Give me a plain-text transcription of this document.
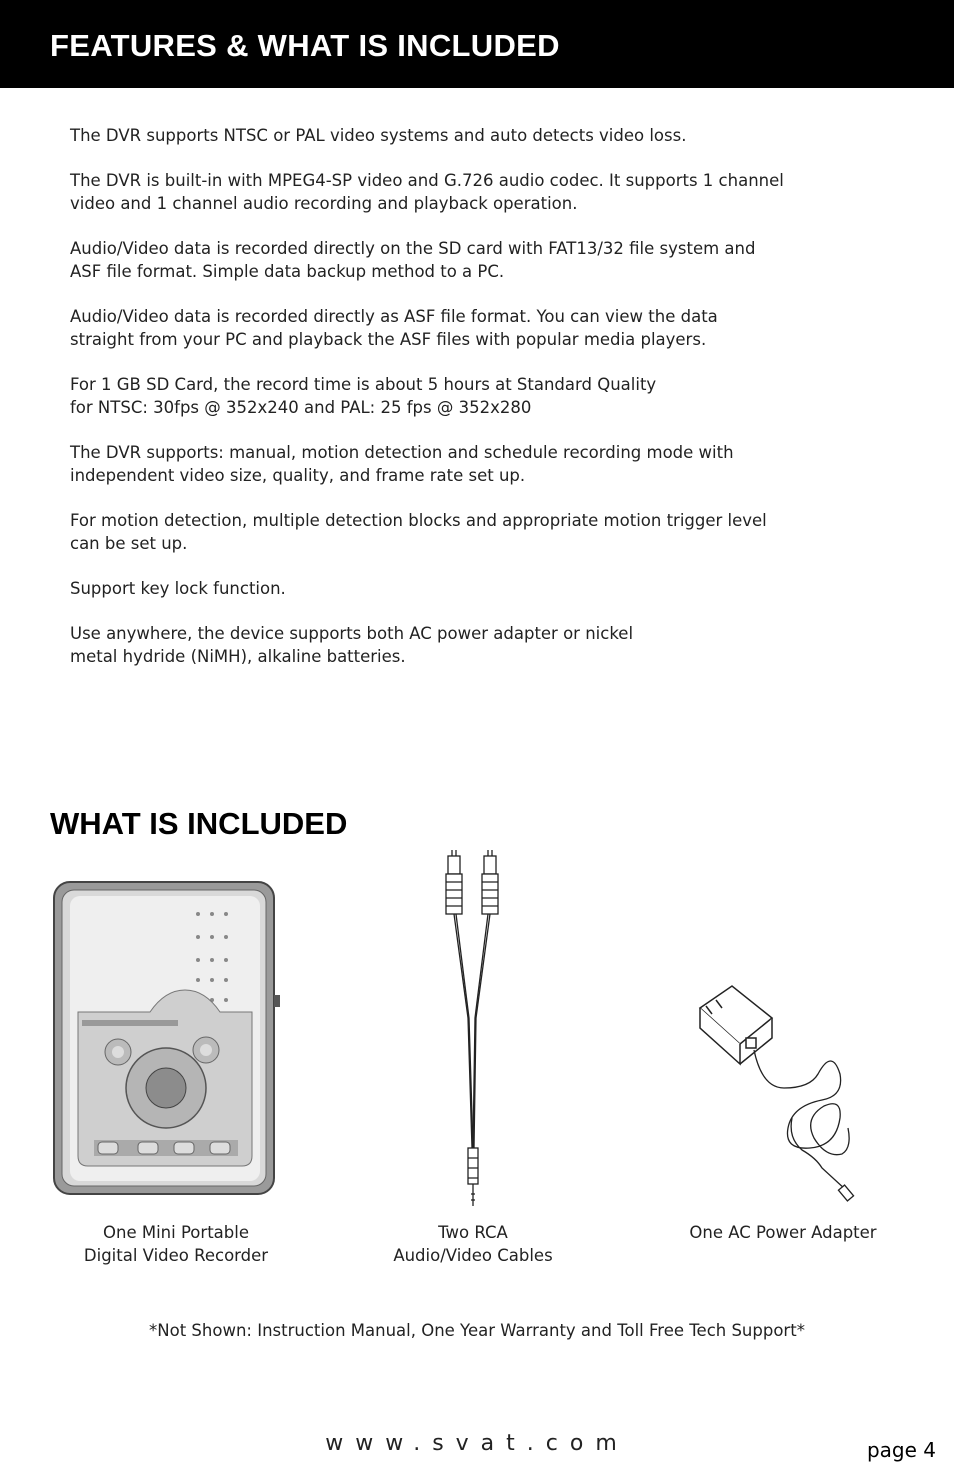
FEATURES & WHAT IS INCLUDED

The DVR supports NTSC or PAL video systems and auto detects video loss.

The DVR is built-in with MPEG4-SP video and G.726 audio codec. It supports 1 channel
video and 1 channel audio recording and playback operation.

Audio/Video data is recorded directly on the SD card with FAT13/32 file system and
ASF file format. Simple data backup method to a PC.

Audio/Video data is recorded directly as ASF file format. You can view the data
straight from your PC and playback the ASF files with popular media players.

For 1 GB SD Card, the record time is about 5 hours at Standard Quality
for NTSC: 30fps @ 352x240 and PAL: 25 fps @ 352x280

The DVR supports: manual, motion detection and schedule recording mode with
independent video size, quality, and frame rate set up.

For motion detection, multiple detection blocks and appropriate motion trigger level
can be set up.

Support key lock function.

Use anywhere, the device supports both AC power adapter or nickel
metal hydride (NiMH), alkaline batteries.

WHAT IS INCLUDED
One Mini Portable
Digital Video Recorder
Two RCA
Audio/Video Cables
One AC Power Adapter
*Not Shown: Instruction Manual, One Year Warranty and Toll Free Tech Support*
www.svat.com	page 4
